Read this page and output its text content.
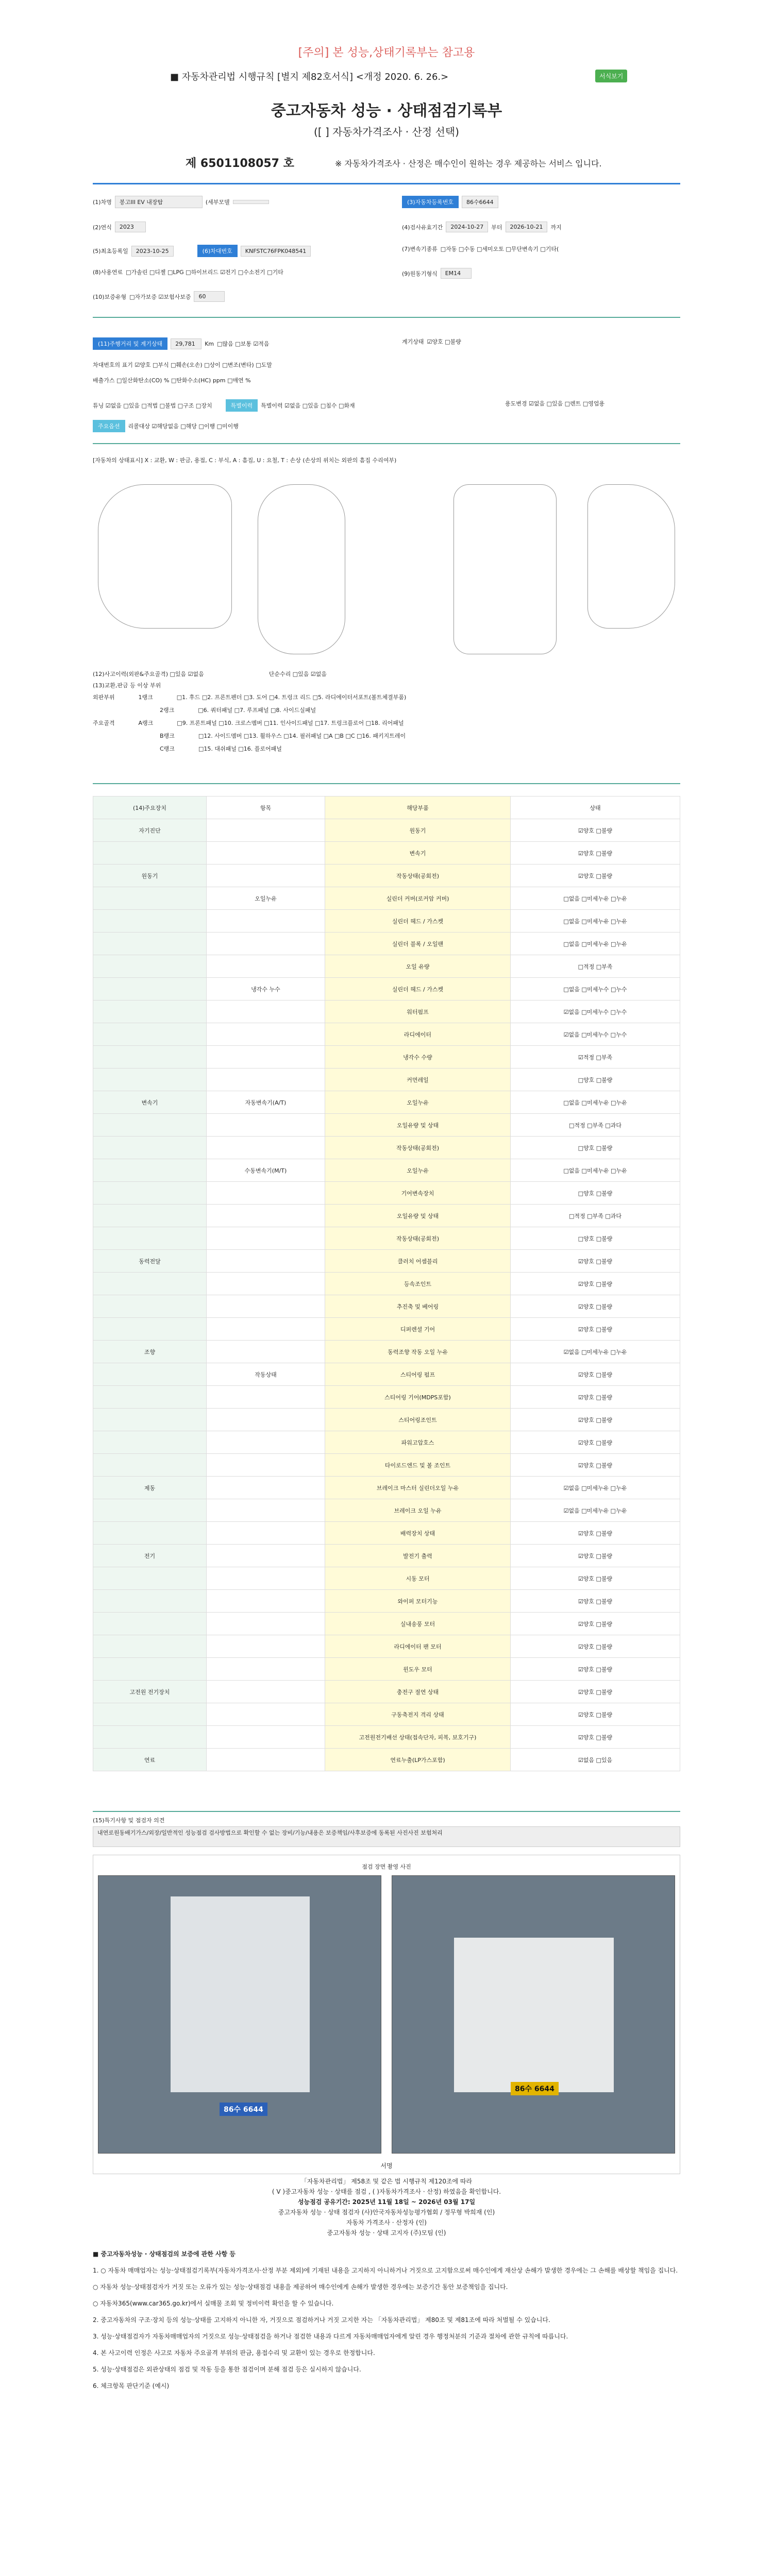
[주의] 본 성능,상태기록부는 참고용
■ 자동차관리법 시행규칙 [별지 제82호서식] <개정 2020. 6. 26.>	서식보기
중고자동차 성능 · 상태점검기록부
([ ] 자동차가격조사 · 산정 선택)
제 6501108057 호	※ 자동차가격조사 · 산정은 매수인이 원하는 경우 제공하는 서비스 입니다.
(1)차명	봉고III EV 내장탑	(세부모델	(3)자동차등록번호	86수6644
(2)연식	2023	(4)검사유효기간	2024-10-27	부터	2026-10-21	까지
(5)최초등록일	2023-10-25	(6)차대번호	KNFSTC76FPK048541	(7)변속기종류 □자동 □수동 □세미오토 □무단변속기 □기타(
(8)사용연료 □가솔린 □디젤 □LPG □하이브리드 ☑전기 □수소전기 □기타	(9)원동기형식	EM14
(10)보증유형 □자가보증 ☑보험사보증	60
(11)주행거리 및 계기상태	29,781	Km □많음 □보통 ☑적음	계기상태 ☑양호 □불량
차대번호의 표기 ☑양호 □부식 □훼손(오손) □상이 □변조(변타) □도말
배출가스 □일산화탄소(CO) % □탄화수소(HC) ppm □매연 %
튜닝 ☑없음 □있음 □적법 □불법 □구조 □장치	특별이력	특별이력 ☑없음 □있음 □침수 □화재	용도변경 ☑없음 □있음 □렌트 □영업용
주요옵션	리콜대상 ☑해당없음 □해당 □이행 □미이행
[자동차의 상태표시] X : 교환, W : 판금, 용접, C : 부식, A : 흠집, U : 요철, T : 손상 (손상의 위치는 외판의 흠집 수리여부)
(12)사고이력(외판&주요골격) □있음 ☑없음	단순수리 □있음 ☑없음
(13)교환,판금 등 이상 부위
외판부위	1랭크	□1. 후드 □2. 프론트펜더 □3. 도어 □4. 트렁크 리드 □5. 라디에이터서포트(볼트체결부품)
2랭크	□6. 쿼터패널 □7. 루프패널 □8. 사이드실패널
주요골격	A랭크	□9. 프론트패널 □10. 크로스멤버 □11. 인사이드패널 □17. 트렁크플로어 □18. 리어패널
B랭크	□12. 사이드멤버 □13. 휠하우스 □14. 필러패널 □A □B □C □16. 패키지트레이
C랭크	□15. 대쉬패널 □16. 플로어패널
(14)주요장치	항목	해당부품	상태
자기진단		원동기	☑양호 □불량
		변속기	☑양호 □불량
원동기		작동상태(공회전)	☑양호 □불량
	오일누유	실린더 커버(로커암 커버)	□없음 □미세누유 □누유
		실린더 헤드 / 가스켓	□없음 □미세누유 □누유
		실린더 블록 / 오일팬	□없음 □미세누유 □누유
		오일 유량	□적정 □부족
	냉각수 누수	실린더 헤드 / 가스켓	□없음 □미세누수 □누수
		워터펌프	☑없음 □미세누수 □누수
		라디에이터	☑없음 □미세누수 □누수
		냉각수 수량	☑적정 □부족
		커먼레일	□양호 □불량
변속기	자동변속기(A/T)	오일누유	□없음 □미세누유 □누유
		오일유량 및 상태	□적정 □부족 □과다
		작동상태(공회전)	□양호 □불량
	수동변속기(M/T)	오일누유	□없음 □미세누유 □누유
		기어변속장치	□양호 □불량
		오일유량 및 상태	□적정 □부족 □과다
		작동상태(공회전)	□양호 □불량
동력전달		클러치 어셈블리	☑양호 □불량
		등속조인트	☑양호 □불량
		추진축 및 베어링	☑양호 □불량
		디퍼렌셜 기어	☑양호 □불량
조향		동력조향 작동 오일 누유	☑없음 □미세누유 □누유
	작동상태	스티어링 펌프	☑양호 □불량
		스티어링 기어(MDPS포함)	☑양호 □불량
		스티어링조인트	☑양호 □불량
		파워고압호스	☑양호 □불량
		타이로드엔드 및 볼 조인트	☑양호 □불량
제동		브레이크 마스터 실린더오일 누유	☑없음 □미세누유 □누유
		브레이크 오일 누유	☑없음 □미세누유 □누유
		배력장치 상태	☑양호 □불량
전기		발전기 출력	☑양호 □불량
		시동 모터	☑양호 □불량
		와이퍼 모터기능	☑양호 □불량
		실내송풍 모터	☑양호 □불량
		라디에이터 팬 모터	☑양호 □불량
		윈도우 모터	☑양호 □불량
고전원 전기장치		충전구 절연 상태	☑양호 □불량
		구동축전지 격리 상태	☑양호 □불량
		고전원전기배선 상태(접속단자, 피복, 보호기구)	☑양호 □불량
연료		연료누출(LP가스포함)	☑없음 □있음
(15)특기사항 및 점검자 의견
내연로원동배기가스/외장/일반적인 성능점검 검사방법으로 확인할 수 없는 장비/기능/내용은 보증책임/사후보증에 동록된 사진사진 보험처리
점검 장면 촬영 사진
86수 6644
86수 6644
서명
「자동차관리법」 제58조 및 같은 법 시행규칙 제120조에 따라
( V )중고자동차 성능 · 상태를 점검 , ( )자동차가격조사 · 산정) 하였음을 확인합니다.
성능점검 공유기간: 2025년 11월 18일 ~ 2026년 03월 17일
중고자동차 성능 · 상태 점검자 (사)안국자동차성능평가협회 / 정무형 박희재 (인)
자동차 가격조사 · 산정자 (인)
중고자동차 성능 · 상태 고지자 (주)모팀 (인)

■ 중고자동차성능 · 상태점검의 보증에 관한 사항 등

1. ○ 자동차 매매업자는 성능·상태점검기록부(자동차가격조사·산정 부분 제외)에 기재된 내용을 고지하지 아니하거나 거짓으로 고지함으로써 매수인에게 재산상 손해가 발생한 경우에는 그 손해를 배상할 책임을 집니다.

○ 자동차 성능·상태점검자가 거짓 또는 오류가 있는 성능·상태점검 내용을 제공하여 매수인에게 손해가 발생한 경우에는 보증기간 동안 보증책임을 집니다.

○ 자동차365(www.car365.go.kr)에서 실매물 조회 및 정비이력 확인을 할 수 있습니다.

2. 중고자동차의 구조·장치 등의 성능·상태를 고지하지 아니한 자, 거짓으로 점검하거나 거짓 고지한 자는 「자동차관리법」 제80조 및 제81조에 따라 처벌될 수 있습니다.

3. 성능·상태점검자가 자동차매매업자의 거짓으로 성능·상태점검을 하거나 점검한 내용과 다르게 자동차매매업자에게 알린 경우 행정처분의 기준과 절차에 관한 규칙에 따릅니다.

4. 본 사고이력 인정은 사고로 자동차 주요골격 부위의 판금, 용접수리 및 교환이 있는 경우로 한정합니다.

5. 성능·상태점검은 외관상태의 점검 및 작동 등을 통한 점검이며 분해 점검 등은 실시하지 않습니다.

6. 체크항목 판단기준 (예시)
